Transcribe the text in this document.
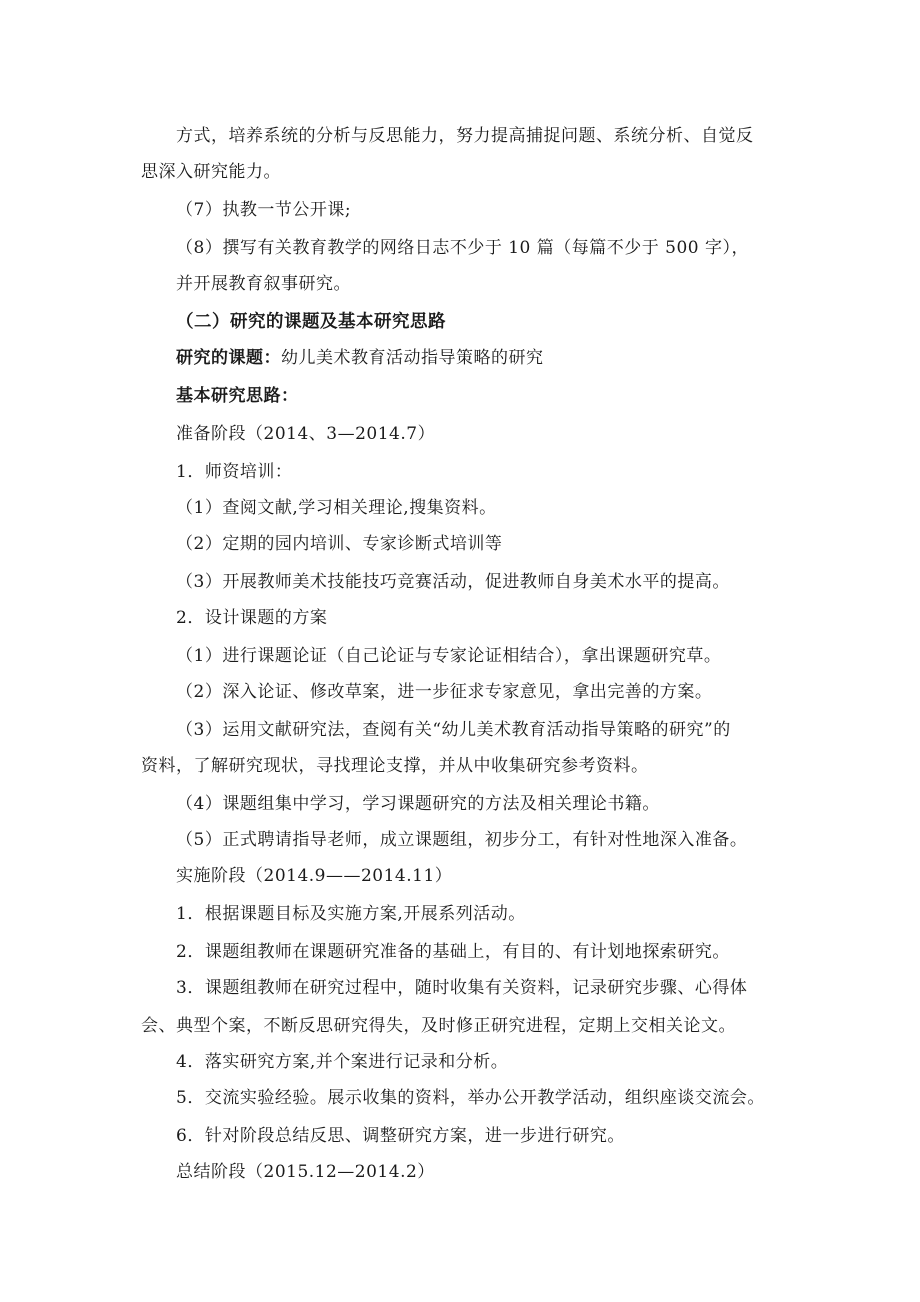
方式，培养系统的分析与反思能力，努力提高捕捉问题、系统分析、自觉反
思深入研究能力。
（7）执教一节公开课;
（8）撰写有关教育教学的网络日志不少于 10 篇（每篇不少于 500 字），
并开展教育叙事研究。
（二）研究的课题及基本研究思路
研究的课题：幼儿美术教育活动指导策略的研究
基本研究思路：
准备阶段（2014、3—2014.7）
1．师资培训：
（1）查阅文献,学习相关理论,搜集资料。
（2）定期的园内培训、专家诊断式培训等
（3）开展教师美术技能技巧竞赛活动，促进教师自身美术水平的提高。
2．设计课题的方案
（1）进行课题论证（自己论证与专家论证相结合），拿出课题研究草。
（2）深入论证、修改草案，进一步征求专家意见，拿出完善的方案。
（3）运用文献研究法，查阅有关“幼儿美术教育活动指导策略的研究”的
资料，了解研究现状，寻找理论支撑，并从中收集研究参考资料。
（4）课题组集中学习，学习课题研究的方法及相关理论书籍。
（5）正式聘请指导老师，成立课题组，初步分工，有针对性地深入准备。
实施阶段（2014.9——2014.11）
1．根据课题目标及实施方案,开展系列活动。
2．课题组教师在课题研究准备的基础上，有目的、有计划地探索研究。
3．课题组教师在研究过程中，随时收集有关资料，记录研究步骤、心得体
会、典型个案，不断反思研究得失，及时修正研究进程，定期上交相关论文。
4．落实研究方案,并个案进行记录和分析。
5．交流实验经验。展示收集的资料，举办公开教学活动，组织座谈交流会。
6．针对阶段总结反思、调整研究方案，进一步进行研究。
总结阶段（2015.12—2014.2）
